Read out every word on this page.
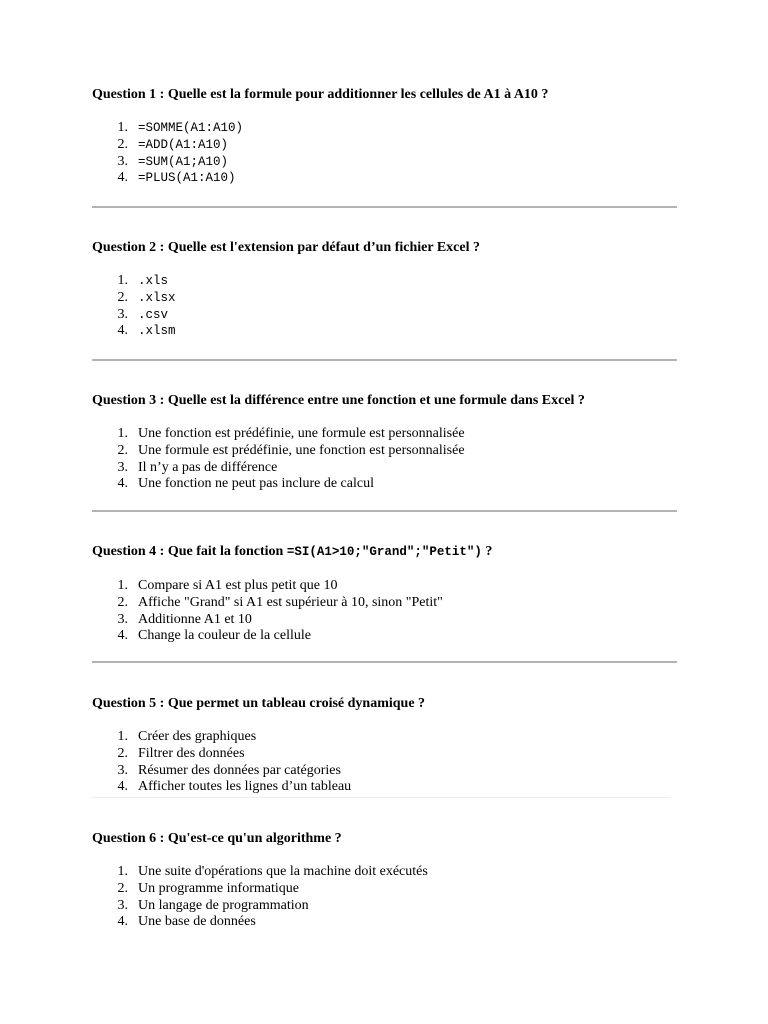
Question 1 : Quelle est la formule pour additionner les cellules de A1 à A10 ?

1. =SOMME(A1:A10)
2. =ADD(A1:A10)
3. =SUM(A1;A10)
4. =PLUS(A1:A10)

Question 2 : Quelle est l'extension par défaut d’un fichier Excel ?

1. .xls
2. .xlsx
3. .csv
4. .xlsm

Question 3 : Quelle est la différence entre une fonction et une formule dans Excel ?

1. Une fonction est prédéfinie, une formule est personnalisée
2. Une formule est prédéfinie, une fonction est personnalisée
3. Il n’y a pas de différence
4. Une fonction ne peut pas inclure de calcul

Question 4 : Que fait la fonction =SI(A1>10;"Grand";"Petit") ?

1. Compare si A1 est plus petit que 10
2. Affiche "Grand" si A1 est supérieur à 10, sinon "Petit"
3. Additionne A1 et 10
4. Change la couleur de la cellule

Question 5 : Que permet un tableau croisé dynamique ?

1. Créer des graphiques
2. Filtrer des données
3. Résumer des données par catégories
4. Afficher toutes les lignes d’un tableau

Question 6 : Qu'est-ce qu'un algorithme ?

1. Une suite d'opérations que la machine doit exécutés
2. Un programme informatique
3. Un langage de programmation
4. Une base de données
